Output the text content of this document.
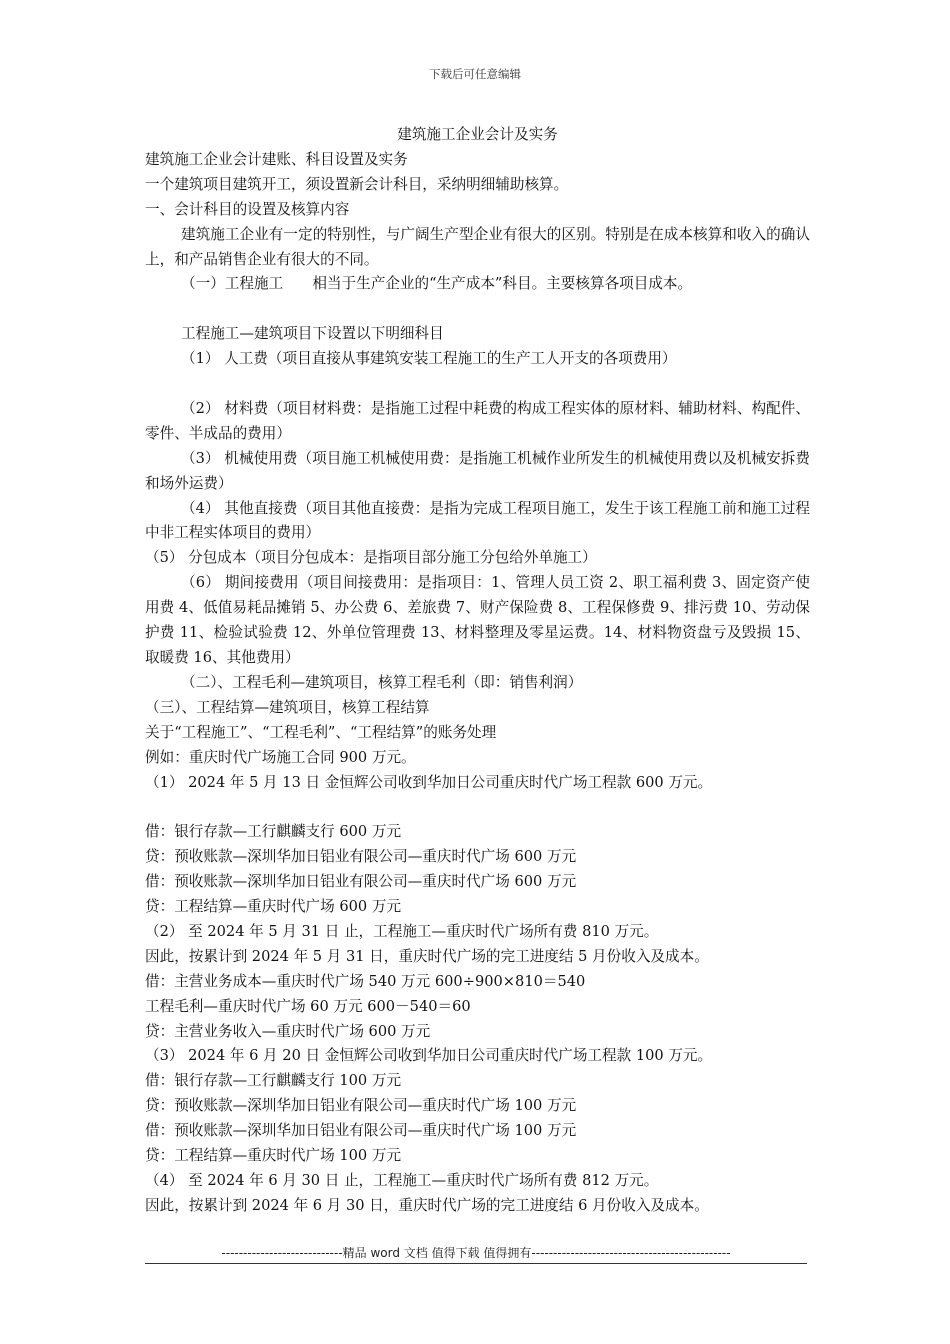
下载后可任意编辑
建筑施工企业会计及实务
建筑施工企业会计建账、科目设置及实务
一个建筑项目建筑开工，须设置新会计科目，采纳明细辅助核算。
一、会计科目的设置及核算内容
建筑施工企业有一定的特别性，与广阔生产型企业有很大的区别。特别是在成本核算和收入的确认上，和产品销售企业有很大的不同。
（一）工程施工　　相当于生产企业的“生产成本”科目。主要核算各项目成本。
工程施工—建筑项目下设置以下明细科目
（1） 人工费（项目直接从事建筑安装工程施工的生产工人开支的各项费用）
（2） 材料费（项目材料费：是指施工过程中耗费的构成工程实体的原材料、辅助材料、构配件、零件、半成品的费用）
（3） 机械使用费（项目施工机械使用费：是指施工机械作业所发生的机械使用费以及机械安拆费和场外运费）
（4） 其他直接费（项目其他直接费：是指为完成工程项目施工，发生于该工程施工前和施工过程中非工程实体项目的费用）
（5） 分包成本（项目分包成本：是指项目部分施工分包给外单施工）
（6） 期间接费用（项目间接费用：是指项目：1、管理人员工资 2、职工福利费 3、固定资产使用费 4、低值易耗品摊销 5、办公费 6、差旅费 7、财产保险费 8、工程保修费 9、排污费 10、劳动保护费 11、检验试验费 12、外单位管理费 13、材料整理及零星运费。14、材料物资盘亏及毁损 15、取暖费 16、其他费用）
（二）、工程毛利—建筑项目，核算工程毛利（即：销售利润）
（三）、工程结算—建筑项目，核算工程结算
关于“工程施工”、“工程毛利”、“工程结算”的账务处理
例如：重庆时代广场施工合同 900 万元。
（1） 2024 年 5 月 13 日 金恒辉公司收到华加日公司重庆时代广场工程款 600 万元。
借：银行存款—工行麒麟支行 600 万元
贷：预收账款—深圳华加日铝业有限公司—重庆时代广场 600 万元
借：预收账款—深圳华加日铝业有限公司—重庆时代广场 600 万元
贷：工程结算—重庆时代广场 600 万元
（2） 至 2024 年 5 月 31 日 止，工程施工—重庆时代广场所有费 810 万元。
因此，按累计到 2024 年 5 月 31 日，重庆时代广场的完工进度结 5 月份收入及成本。
借：主营业务成本—重庆时代广场 540 万元 600÷900×810＝540
工程毛利—重庆时代广场 60 万元 600－540＝60
贷：主营业务收入—重庆时代广场 600 万元
（3） 2024 年 6 月 20 日 金恒辉公司收到华加日公司重庆时代广场工程款 100 万元。
借：银行存款—工行麒麟支行 100 万元
贷：预收账款—深圳华加日铝业有限公司—重庆时代广场 100 万元
借：预收账款—深圳华加日铝业有限公司—重庆时代广场 100 万元
贷：工程结算—重庆时代广场 100 万元
（4） 至 2024 年 6 月 30 日 止，工程施工—重庆时代广场所有费 812 万元。
因此，按累计到 2024 年 6 月 30 日，重庆时代广场的完工进度结 6 月份收入及成本。
----------------------------精品 word 文档 值得下载 值得拥有----------------------------------------------
